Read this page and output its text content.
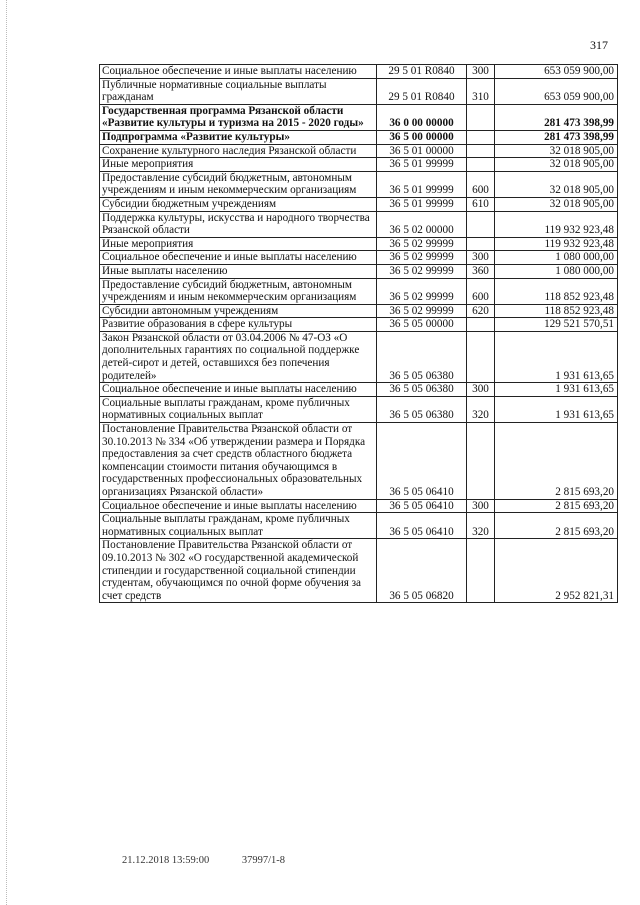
317
Социальное обеспечение и иные выплаты населению	29 5 01 R0840	300	653 059 900,00
Публичные нормативные социальные выплаты гражданам	29 5 01 R0840	310	653 059 900,00
Государственная программа Рязанской области «Развитие культуры и туризма на 2015 - 2020 годы»	36 0 00 00000		281 473 398,99
Подпрограмма «Развитие культуры»	36 5 00 00000		281 473 398,99
Сохранение культурного наследия Рязанской области	36 5 01 00000		32 018 905,00
Иные мероприятия	36 5 01 99999		32 018 905,00
Предоставление субсидий бюджетным, автономным учреждениям и иным некоммерческим организациям	36 5 01 99999	600	32 018 905,00
Субсидии бюджетным учреждениям	36 5 01 99999	610	32 018 905,00
Поддержка культуры, искусства и народного творчества Рязанской области	36 5 02 00000		119 932 923,48
Иные мероприятия	36 5 02 99999		119 932 923,48
Социальное обеспечение и иные выплаты населению	36 5 02 99999	300	1 080 000,00
Иные выплаты населению	36 5 02 99999	360	1 080 000,00
Предоставление субсидий бюджетным, автономным учреждениям и иным некоммерческим организациям	36 5 02 99999	600	118 852 923,48
Субсидии автономным учреждениям	36 5 02 99999	620	118 852 923,48
Развитие образования в сфере культуры	36 5 05 00000		129 521 570,51
Закон Рязанской области от 03.04.2006 № 47-ОЗ «О дополнительных гарантиях по социальной поддержке детей-сирот и детей, оставшихся без попечения родителей»	36 5 05 06380		1 931 613,65
Социальное обеспечение и иные выплаты населению	36 5 05 06380	300	1 931 613,65
Социальные выплаты гражданам, кроме публичных нормативных социальных выплат	36 5 05 06380	320	1 931 613,65
Постановление Правительства Рязанской области от 30.10.2013 № 334 «Об утверждении размера и Порядка предоставления за счет средств областного бюджета компенсации стоимости питания обучающимся в государственных профессиональных образовательных организациях Рязанской области»	36 5 05 06410		2 815 693,20
Социальное обеспечение и иные выплаты населению	36 5 05 06410	300	2 815 693,20
Социальные выплаты гражданам, кроме публичных нормативных социальных выплат	36 5 05 06410	320	2 815 693,20
Постановление Правительства Рязанской области от 09.10.2013 № 302 «О государственной академической стипендии и государственной социальной стипендии студентам, обучающимся по очной форме обучения за счет средств	36 5 05 06820		2 952 821,31
21.12.2018 13:59:00	37997/1-8
